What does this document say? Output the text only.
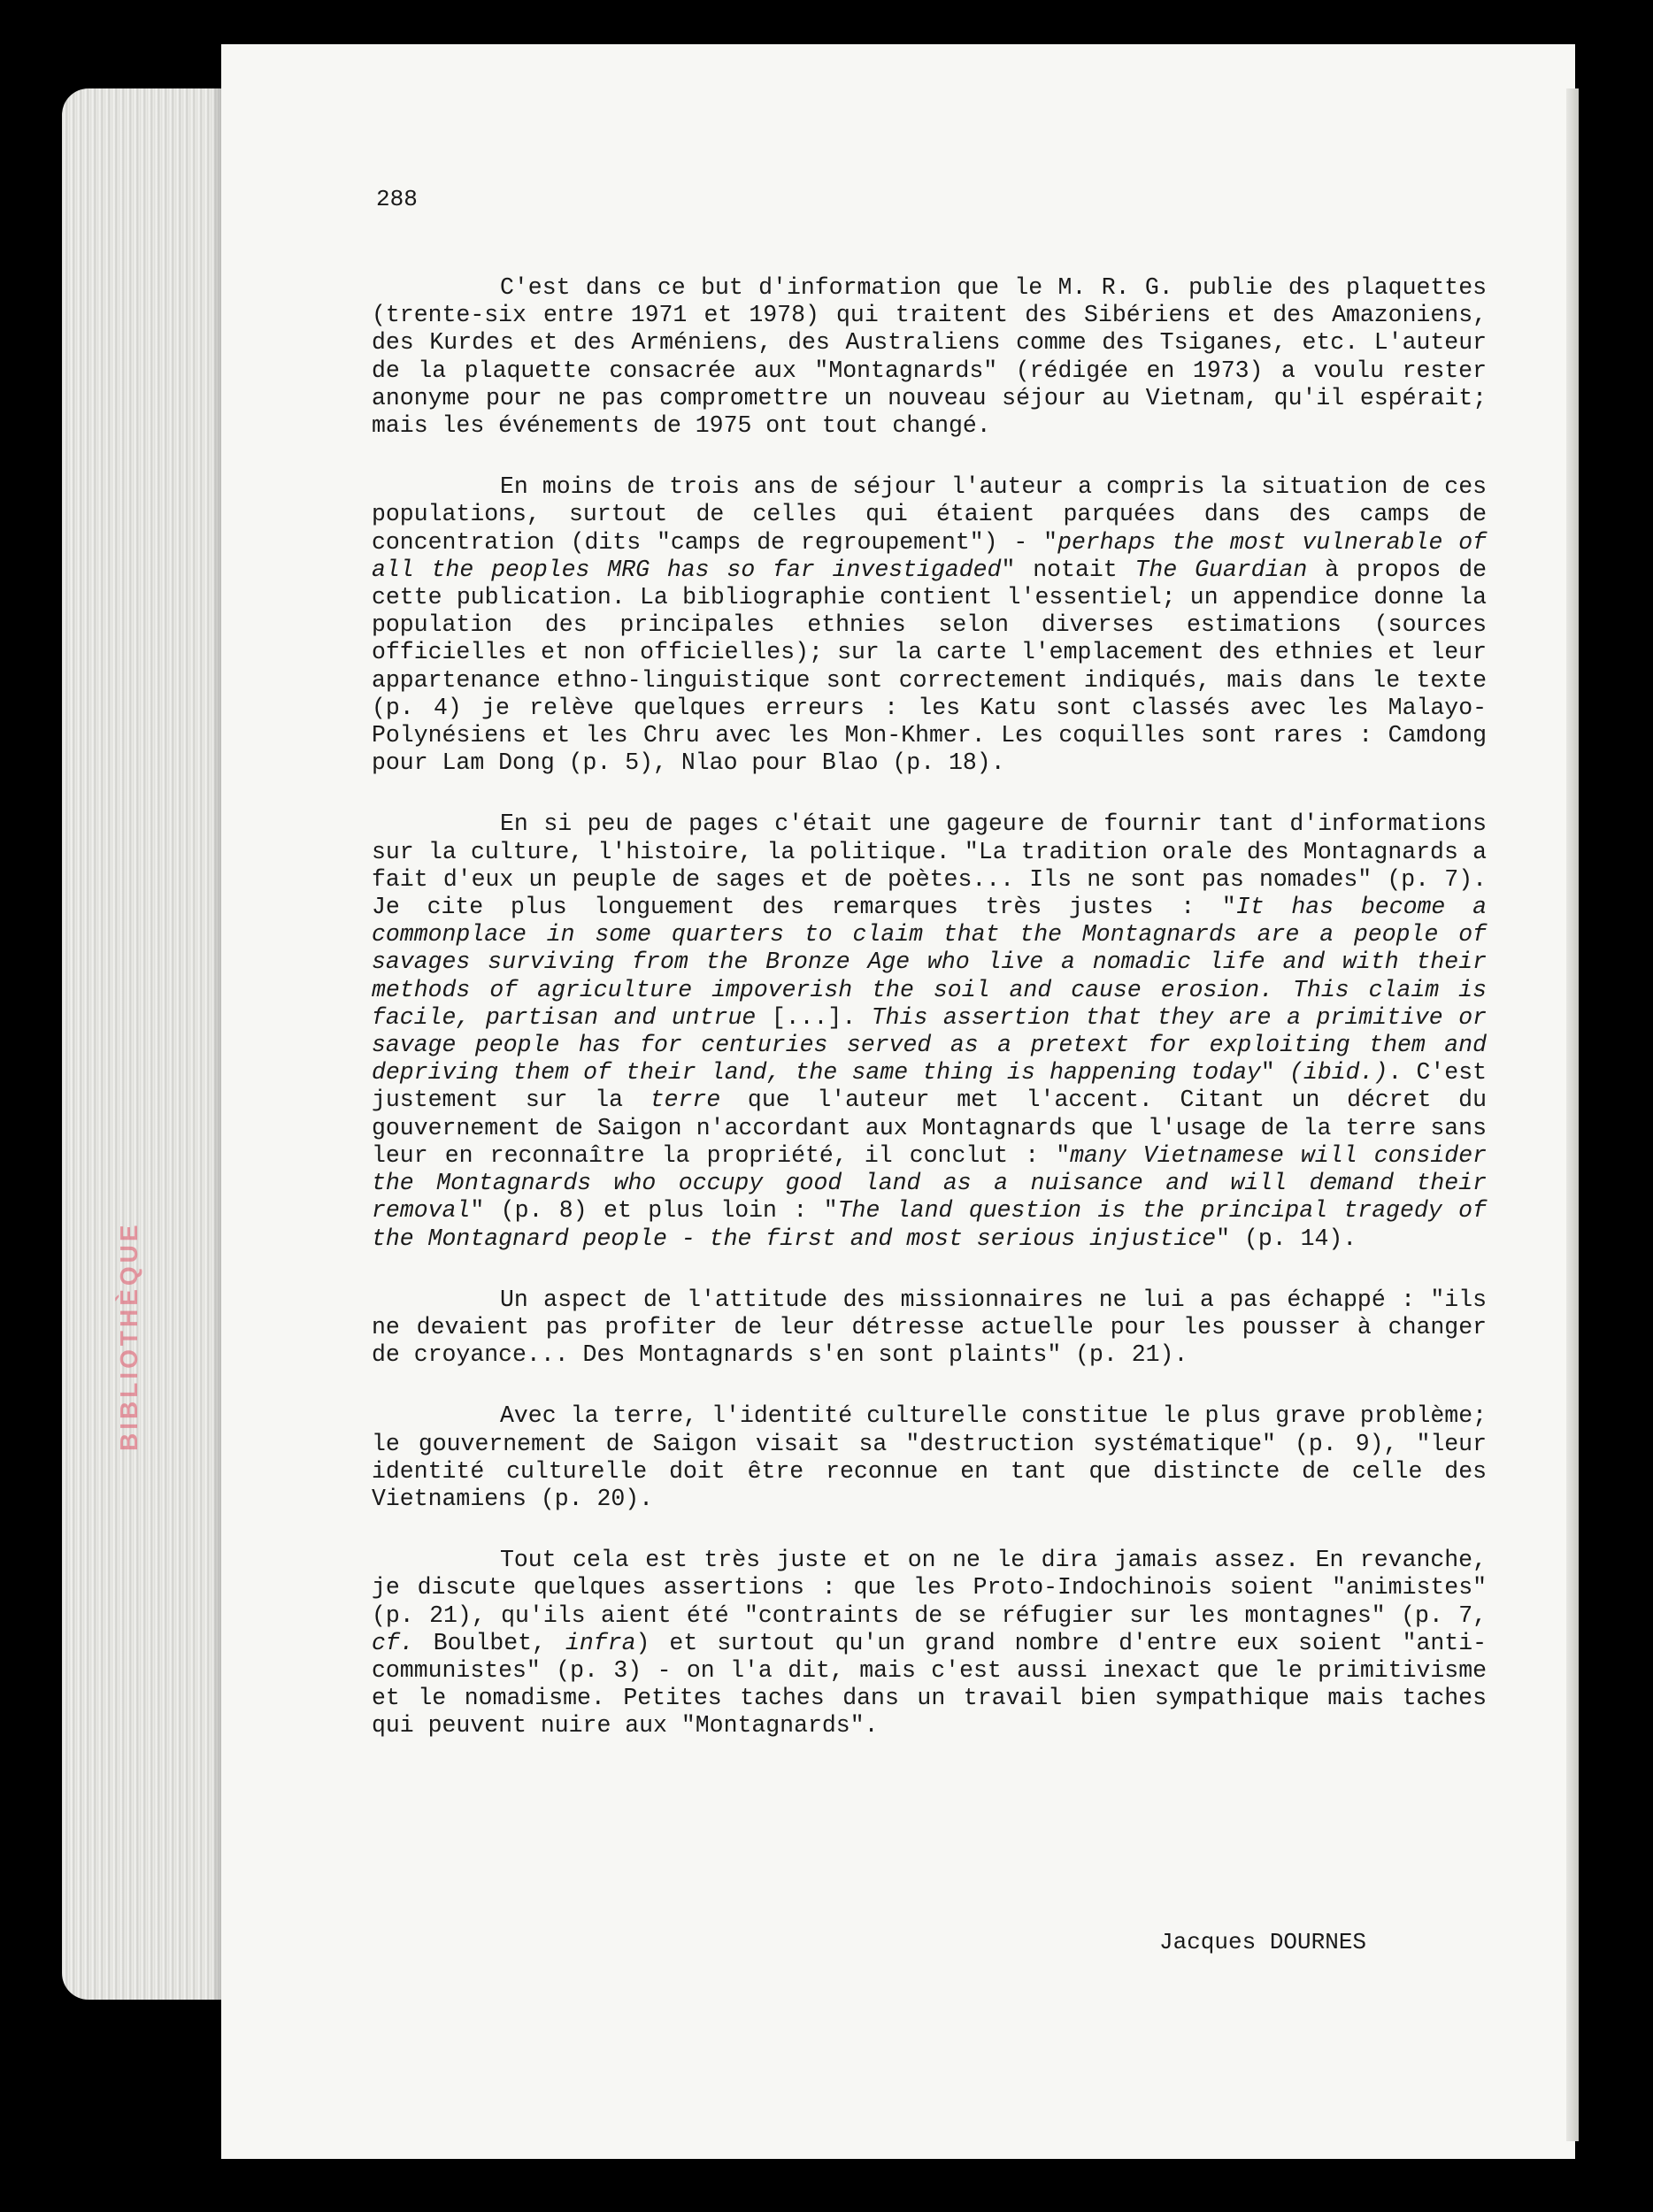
BIBLIOTHÈQUE
288

C'est dans ce but d'information que le M. R. G. publie des plaquettes (trente-six entre 1971 et 1978) qui traitent des Sibériens et des Amazoniens, des Kurdes et des Arméniens, des Australiens comme des Tsiganes, etc. L'auteur de la plaquette consacrée aux "Montagnards" (rédigée en 1973) a voulu rester anonyme pour ne pas compromettre un nouveau séjour au Vietnam, qu'il espérait; mais les événements de 1975 ont tout changé.

En moins de trois ans de séjour l'auteur a compris la situation de ces populations, surtout de celles qui étaient parquées dans des camps de concentration (dits "camps de regroupement") - "perhaps the most vulnerable of all the peoples MRG has so far investigaded" notait The Guardian à propos de cette publication. La bibliographie contient l'essentiel; un appendice donne la population des principales ethnies selon diverses estimations (sources officielles et non officielles); sur la carte l'emplacement des ethnies et leur appartenance ethno-linguistique sont correctement indiqués, mais dans le texte (p. 4) je relève quelques erreurs : les Katu sont classés avec les Malayo-Polynésiens et les Chru avec les Mon-Khmer. Les coquilles sont rares : Camdong pour Lam Dong (p. 5), Nlao pour Blao (p. 18).

En si peu de pages c'était une gageure de fournir tant d'informations sur la culture, l'histoire, la politique. "La tradition orale des Montagnards a fait d'eux un peuple de sages et de poètes... Ils ne sont pas nomades" (p. 7). Je cite plus longuement des remarques très justes : "It has become a commonplace in some quarters to claim that the Montagnards are a people of savages surviving from the Bronze Age who live a nomadic life and with their methods of agriculture impoverish the soil and cause erosion. This claim is facile, partisan and untrue [...]. This assertion that they are a primitive or savage people has for centuries served as a pretext for exploiting them and depriving them of their land, the same thing is happening today" (ibid.). C'est justement sur la terre que l'auteur met l'accent. Citant un décret du gouvernement de Saigon n'accordant aux Montagnards que l'usage de la terre sans leur en reconnaître la propriété, il conclut : "many Vietnamese will consider the Montagnards who occupy good land as a nuisance and will demand their removal" (p. 8) et plus loin : "The land question is the principal tragedy of the Montagnard people - the first and most serious injustice" (p. 14).

Un aspect de l'attitude des missionnaires ne lui a pas échappé : "ils ne devaient pas profiter de leur détresse actuelle pour les pousser à changer de croyance... Des Montagnards s'en sont plaints" (p. 21).

Avec la terre, l'identité culturelle constitue le plus grave problème; le gouvernement de Saigon visait sa "destruction systématique" (p. 9), "leur identité culturelle doit être reconnue en tant que distincte de celle des Vietnamiens (p. 20).

Tout cela est très juste et on ne le dira jamais assez. En revanche, je discute quelques assertions : que les Proto-Indochinois soient "animistes" (p. 21), qu'ils aient été "contraints de se réfugier sur les montagnes" (p. 7, cf. Boulbet, infra) et surtout qu'un grand nombre d'entre eux soient "anti-communistes" (p. 3) - on l'a dit, mais c'est aussi inexact que le primitivisme et le nomadisme. Petites taches dans un travail bien sympathique mais taches qui peuvent nuire aux "Montagnards".

Jacques DOURNES
